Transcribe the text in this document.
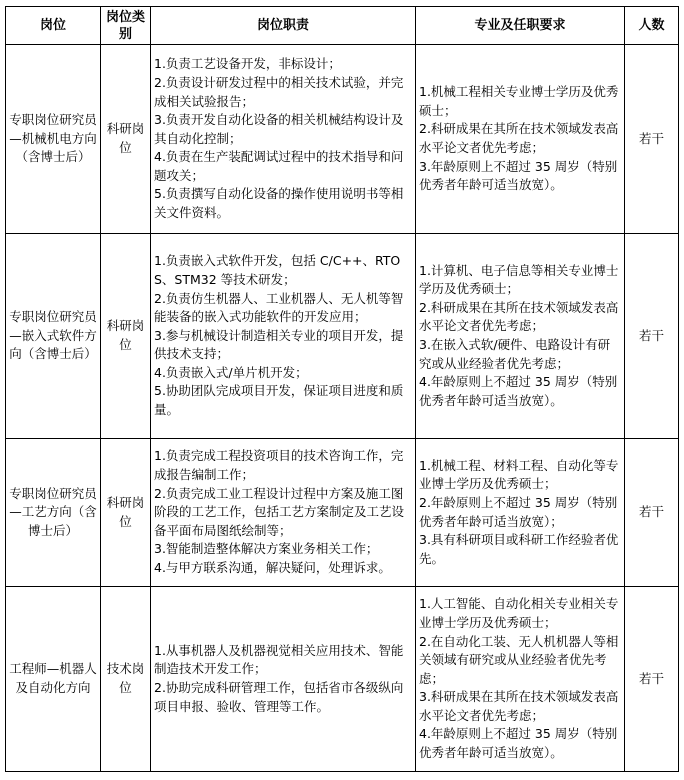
岗位	岗位类别	岗位职责	专业及任职要求	人数
专职岗位研究员—机械机电方向（含博士后）	科研岗位	1.负责工艺设备开发，非标设计；
2.负责设计研发过程中的相关技术试验，并完成相关试验报告；
3.负责开发自动化设备的相关机械结构设计及其自动化控制；
4.负责在生产装配调试过程中的技术指导和问题攻关；
5.负责撰写自动化设备的操作使用说明书等相关文件资料。	1.机械工程相关专业博士学历及优秀硕士；
2.科研成果在其所在技术领域发表高水平论文者优先考虑；
3.年龄原则上不超过 35 周岁（特别优秀者年龄可适当放宽）。	若干
专职岗位研究员—嵌入式软件方向（含博士后）	科研岗位	1.负责嵌入式软件开发，包括 C/C++、RTOS、STM32 等技术研发；
2.负责仿生机器人、工业机器人、无人机等智能装备的嵌入式功能软件的开发应用；
3.参与机械设计制造相关专业的项目开发，提供技术支持；
4.负责嵌入式/单片机开发；
5.协助团队完成项目开发，保证项目进度和质量。	1.计算机、电子信息等相关专业博士学历及优秀硕士；
2.科研成果在其所在技术领域发表高水平论文者优先考虑；
3.在嵌入式软/硬件、电路设计有研究或从业经验者优先考虑；
4.年龄原则上不超过 35 周岁（特别优秀者年龄可适当放宽）。	若干
专职岗位研究员—工艺方向（含博士后）	科研岗位	1.负责完成工程投资项目的技术咨询工作，完成报告编制工作；
2.负责完成工业工程设计过程中方案及施工图阶段的工艺工作，包括工艺方案制定及工艺设备平面布局图纸绘制等；
3.智能制造整体解决方案业务相关工作；
4.与甲方联系沟通，解决疑问，处理诉求。	1.机械工程、材料工程、自动化等专业博士学历及优秀硕士；
2.年龄原则上不超过 35 周岁（特别优秀者年龄可适当放宽）；
3.具有科研项目或科研工作经验者优先。	若干
工程师—机器人及自动化方向	技术岗位	1.从事机器人及机器视觉相关应用技术、智能制造技术开发工作；
2.协助完成科研管理工作，包括省市各级纵向项目申报、验收、管理等工作。	1.人工智能、自动化相关专业相关专业博士学历及优秀硕士；
2.在自动化工装、无人机机器人等相关领域有研究或从业经验者优先考虑；
3.科研成果在其所在技术领域发表高水平论文者优先考虑；
4.年龄原则上不超过 35 周岁（特别优秀者年龄可适当放宽）。	若干
